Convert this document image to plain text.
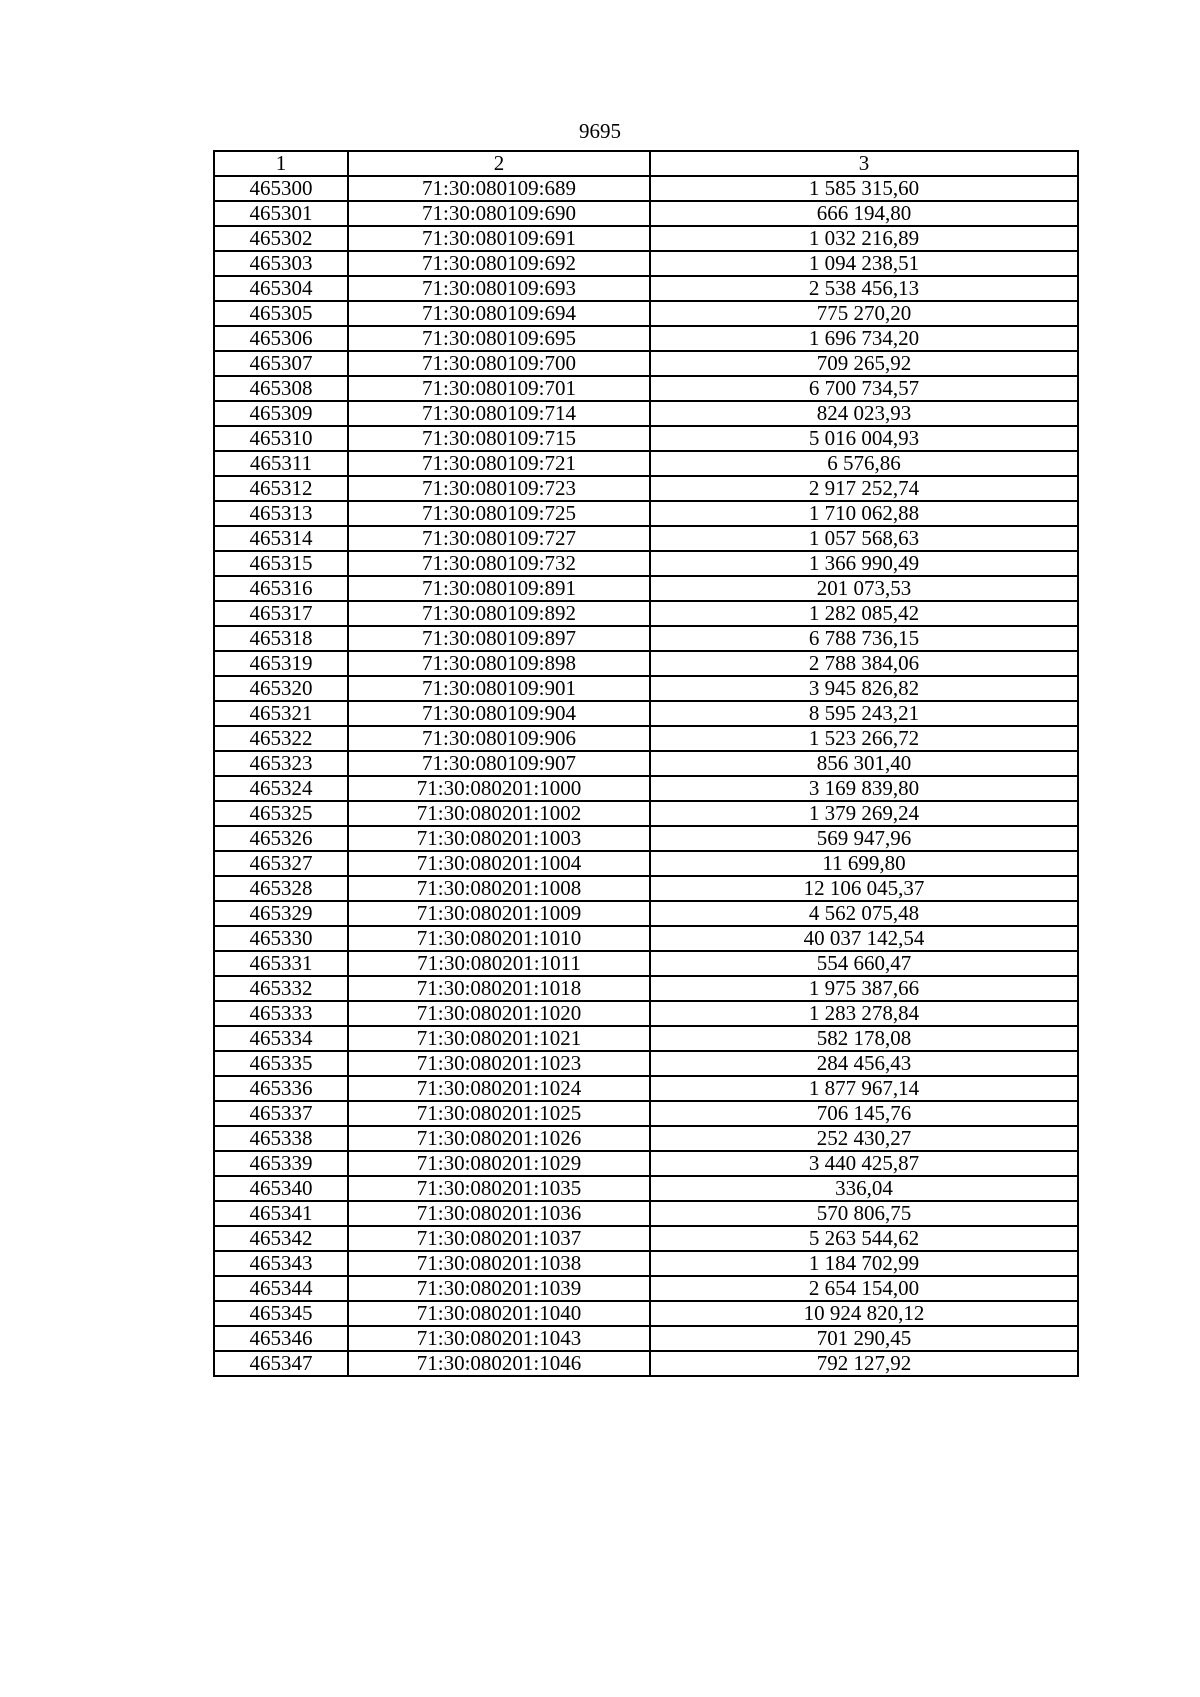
9695
1	2	3
465300	71:30:080109:689	1 585 315,60
465301	71:30:080109:690	666 194,80
465302	71:30:080109:691	1 032 216,89
465303	71:30:080109:692	1 094 238,51
465304	71:30:080109:693	2 538 456,13
465305	71:30:080109:694	775 270,20
465306	71:30:080109:695	1 696 734,20
465307	71:30:080109:700	709 265,92
465308	71:30:080109:701	6 700 734,57
465309	71:30:080109:714	824 023,93
465310	71:30:080109:715	5 016 004,93
465311	71:30:080109:721	6 576,86
465312	71:30:080109:723	2 917 252,74
465313	71:30:080109:725	1 710 062,88
465314	71:30:080109:727	1 057 568,63
465315	71:30:080109:732	1 366 990,49
465316	71:30:080109:891	201 073,53
465317	71:30:080109:892	1 282 085,42
465318	71:30:080109:897	6 788 736,15
465319	71:30:080109:898	2 788 384,06
465320	71:30:080109:901	3 945 826,82
465321	71:30:080109:904	8 595 243,21
465322	71:30:080109:906	1 523 266,72
465323	71:30:080109:907	856 301,40
465324	71:30:080201:1000	3 169 839,80
465325	71:30:080201:1002	1 379 269,24
465326	71:30:080201:1003	569 947,96
465327	71:30:080201:1004	11 699,80
465328	71:30:080201:1008	12 106 045,37
465329	71:30:080201:1009	4 562 075,48
465330	71:30:080201:1010	40 037 142,54
465331	71:30:080201:1011	554 660,47
465332	71:30:080201:1018	1 975 387,66
465333	71:30:080201:1020	1 283 278,84
465334	71:30:080201:1021	582 178,08
465335	71:30:080201:1023	284 456,43
465336	71:30:080201:1024	1 877 967,14
465337	71:30:080201:1025	706 145,76
465338	71:30:080201:1026	252 430,27
465339	71:30:080201:1029	3 440 425,87
465340	71:30:080201:1035	336,04
465341	71:30:080201:1036	570 806,75
465342	71:30:080201:1037	5 263 544,62
465343	71:30:080201:1038	1 184 702,99
465344	71:30:080201:1039	2 654 154,00
465345	71:30:080201:1040	10 924 820,12
465346	71:30:080201:1043	701 290,45
465347	71:30:080201:1046	792 127,92
